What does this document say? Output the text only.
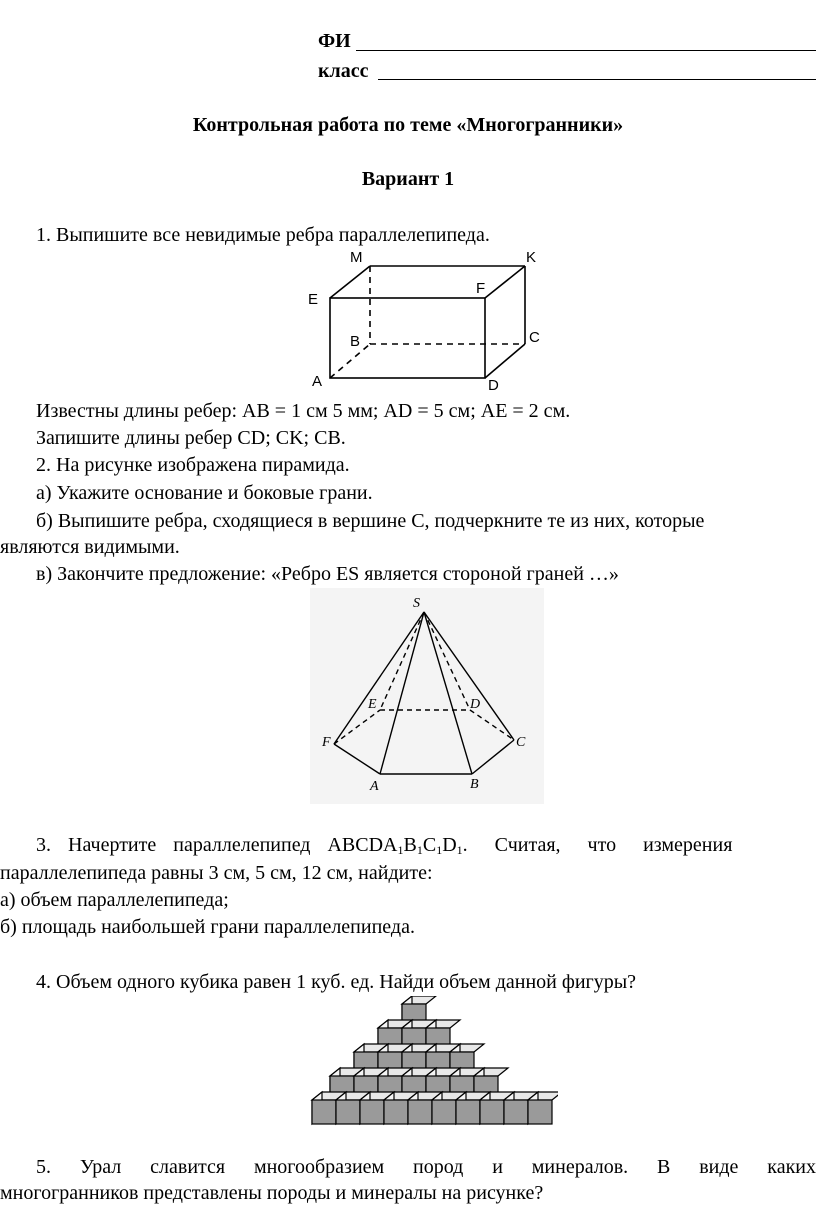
ФИ
класс
Контрольная работа по теме «Многогранники»
Вариант 1
1. Выпишите все невидимые ребра параллелепипеда.
M	K
E
F
B	C
A	D
Известны длины ребер: AB = 1 см 5 мм; AD = 5 см; AE = 2 см.
Запишите длины ребер CD; CK; CB.
2. На рисунке изображена пирамида.
а) Укажите основание и боковые грани.
б) Выпишите ребра, сходящиеся в вершине С, подчеркните те из них, которые
являются видимыми.
в) Закончите предложение: «Ребро ES является стороной граней …»
S
E	D
F	C
A	B
3. Начертите параллелепипед $ABCDA_1B_1C_1D_1$. Считая, что измерения
параллелепипеда равны 3 см, 5 см, 12 см, найдите:
а) объем параллелепипеда;
б) площадь наибольшей грани параллелепипеда.
4. Объем одного кубика равен 1 куб. ед. Найди объем данной фигуры?
5. Урал славится многообразием пород и минералов. В виде каких
многогранников представлены породы и минералы на рисунке?
